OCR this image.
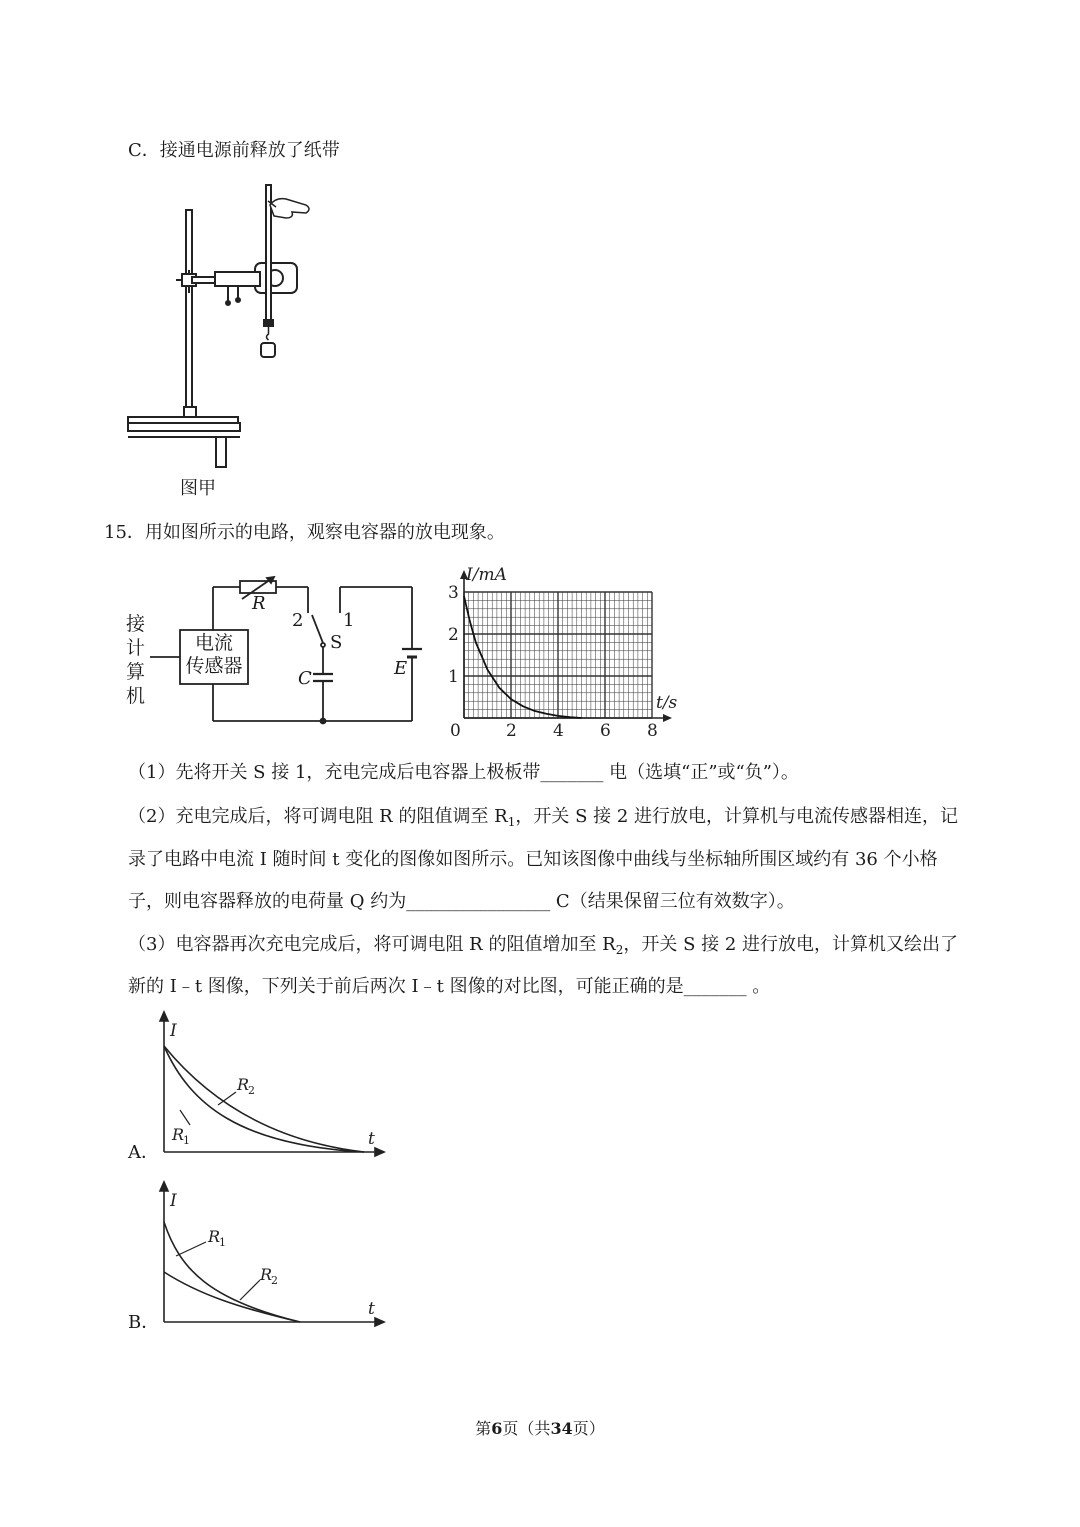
C．接通电源前释放了纸带
图甲
15．用如图所示的电路，观察电容器的放电现象。
接
计
算
机
电流
传感器
R
2 1
S
C	E
0	2 4 6 8
1
2
3
I/mA
t/s
（1）先将开关 S 接 1，充电完成后电容器上极板带_______ 电（选填“正”或“负”）。
（2）充电完成后，将可调电阻 R 的阻值调至 $R_1$，开关 S 接 2 进行放电，计算机与电流传感器相连，记
录了电路中电流 I 随时间 t 变化的图像如图所示。已知该图像中曲线与坐标轴所围区域约有 36 个小格
子，则电容器释放的电荷量 Q 约为________________ C（结果保留三位有效数字）。
（3）电容器再次充电完成后，将可调电阻 R 的阻值增加至 $R_2$，开关 S 接 2 进行放电，计算机又绘出了
新的 I﹣t 图像，下列关于前后两次 I﹣t 图像的对比图，可能正确的是_______ 。
A．
I
t
R
2
R
1
B．
I
t
R
1
R
2
第6页（共34页）
